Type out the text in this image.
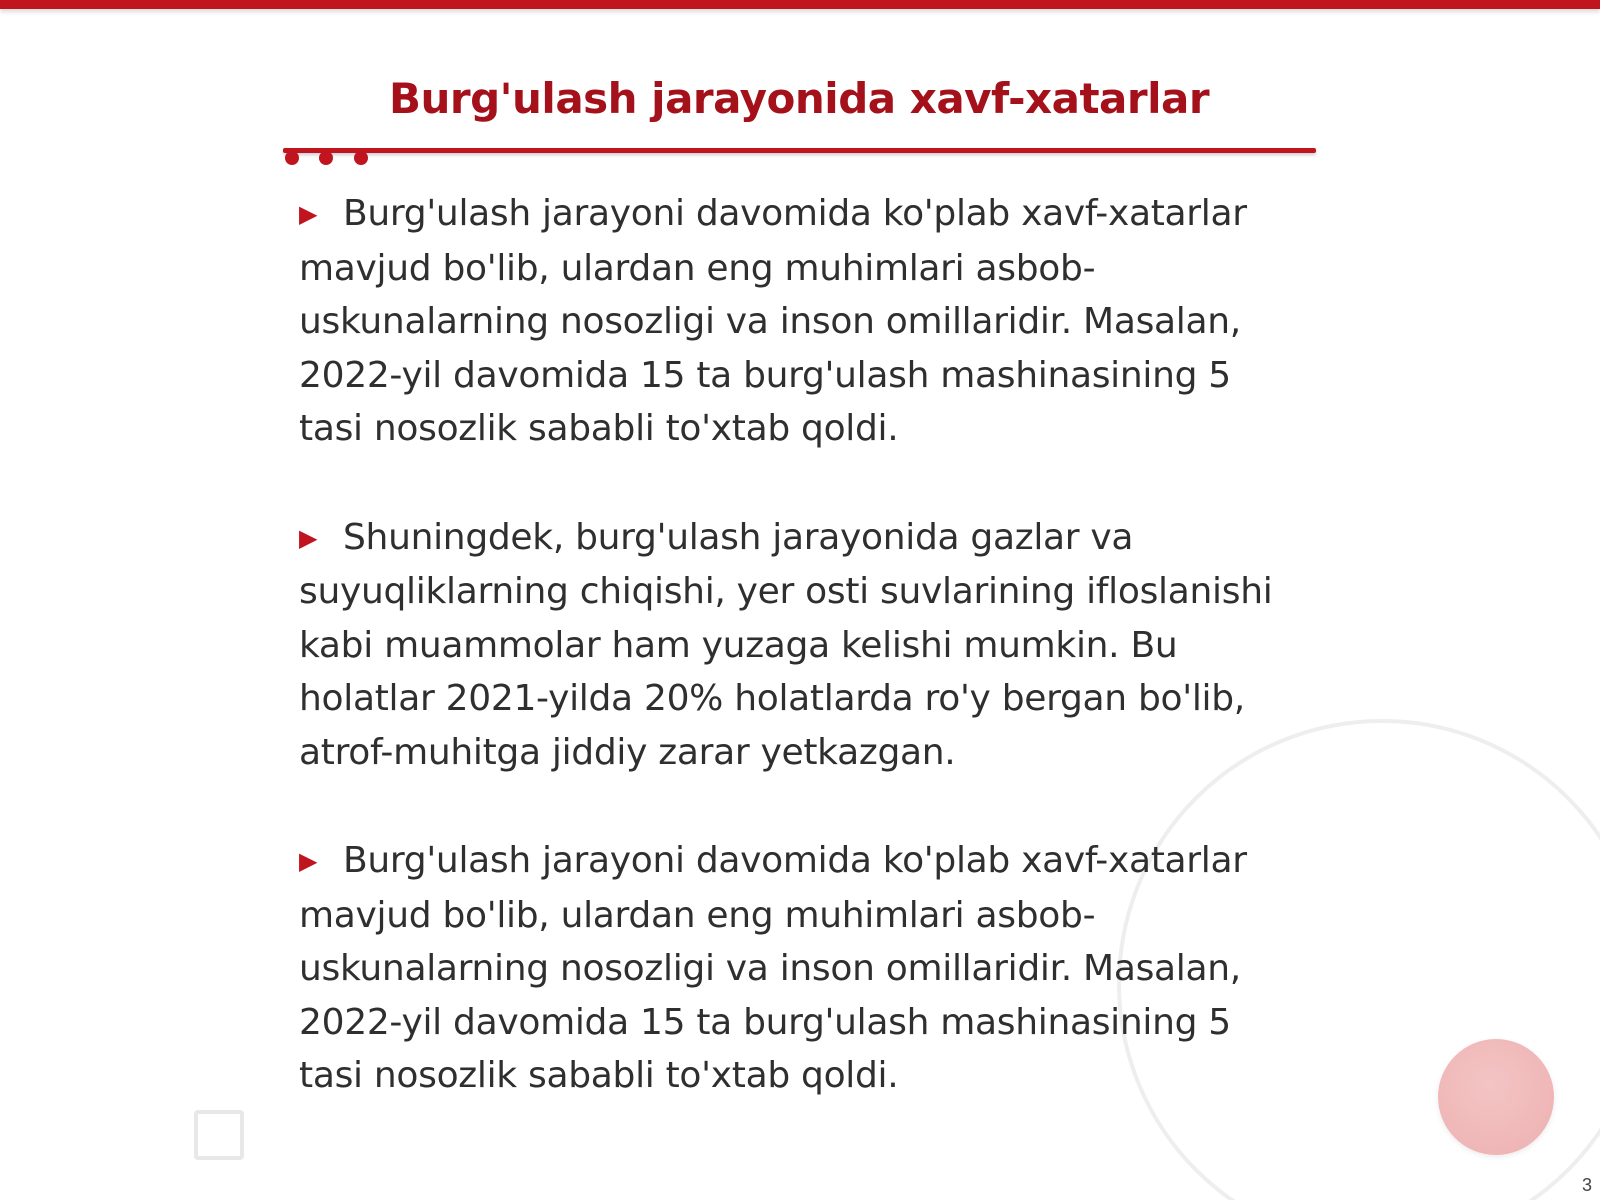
Burg'ulash jarayonida xavf-xatarlar

▶ Burg'ulash jarayoni davomida ko'plab xavf-xatarlar mavjud bo'lib, ulardan eng muhimlari asbob-uskunalarning nosozligi va inson omillaridir. Masalan, 2022-yil davomida 15 ta burg'ulash mashinasining 5 tasi nosozlik sababli to'xtab qoldi.

▶ Shuningdek, burg'ulash jarayonida gazlar va suyuqliklarning chiqishi, yer osti suvlarining ifloslanishi kabi muammolar ham yuzaga kelishi mumkin. Bu holatlar 2021-yilda 20% holatlarda ro'y bergan bo'lib, atrof-muhitga jiddiy zarar yetkazgan.

▶ Burg'ulash jarayoni davomida ko'plab xavf-xatarlar mavjud bo'lib, ulardan eng muhimlari asbob-uskunalarning nosozligi va inson omillaridir. Masalan, 2022-yil davomida 15 ta burg'ulash mashinasining 5 tasi nosozlik sababli to'xtab qoldi.

3
